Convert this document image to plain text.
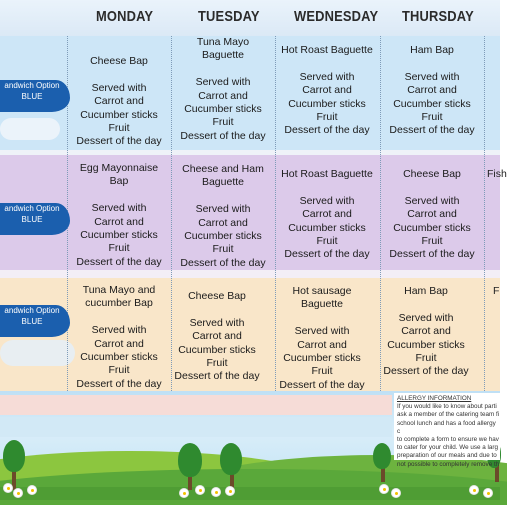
MONDAY	TUESDAY WEDNESDAY THURSDAY
andwich Option
BLUE
andwich Option
BLUE
andwich Option
BLUE
Cheese Bap

Served with
Carrot and
Cucumber sticks
Fruit
Dessert of the day
Tuna Mayo
Baguette

Served with
Carrot and
Cucumber sticks
Fruit
Dessert of the day
Hot Roast Baguette

Served with
Carrot and
Cucumber sticks
Fruit
Dessert of the day
Ham Bap

Served with
Carrot and
Cucumber sticks
Fruit
Dessert of the day
Egg Mayonnaise
Bap

Served with
Carrot and
Cucumber sticks
Fruit
Dessert of the day
Cheese and Ham
Baguette

Served with
Carrot and
Cucumber sticks
Fruit
Dessert of the day
Hot Roast Baguette

Served with
Carrot and
Cucumber sticks
Fruit
Dessert of the day
Cheese Bap

Served with
Carrot and
Cucumber sticks
Fruit
Dessert of the day
Fish
Tuna Mayo and
cucumber Bap

Served with
Carrot and
Cucumber sticks
Fruit
Dessert of the day
Cheese Bap

Served with
Carrot and
Cucumber sticks
Fruit
Dessert of the day
Hot sausage
Baguette

Served with
Carrot and
Cucumber sticks
Fruit
Dessert of the day
Ham Bap

Served with
Carrot and
Cucumber sticks
Fruit
Dessert of the day
F
ALLERGY INFORMATION
If you would like to know about parti
ask a member of the catering team fi
school lunch and has a food allergy c
to complete a form to ensure we hav
to cater for your child. We use a larg
preparation of our meals and due to
not possible to completely remove th
